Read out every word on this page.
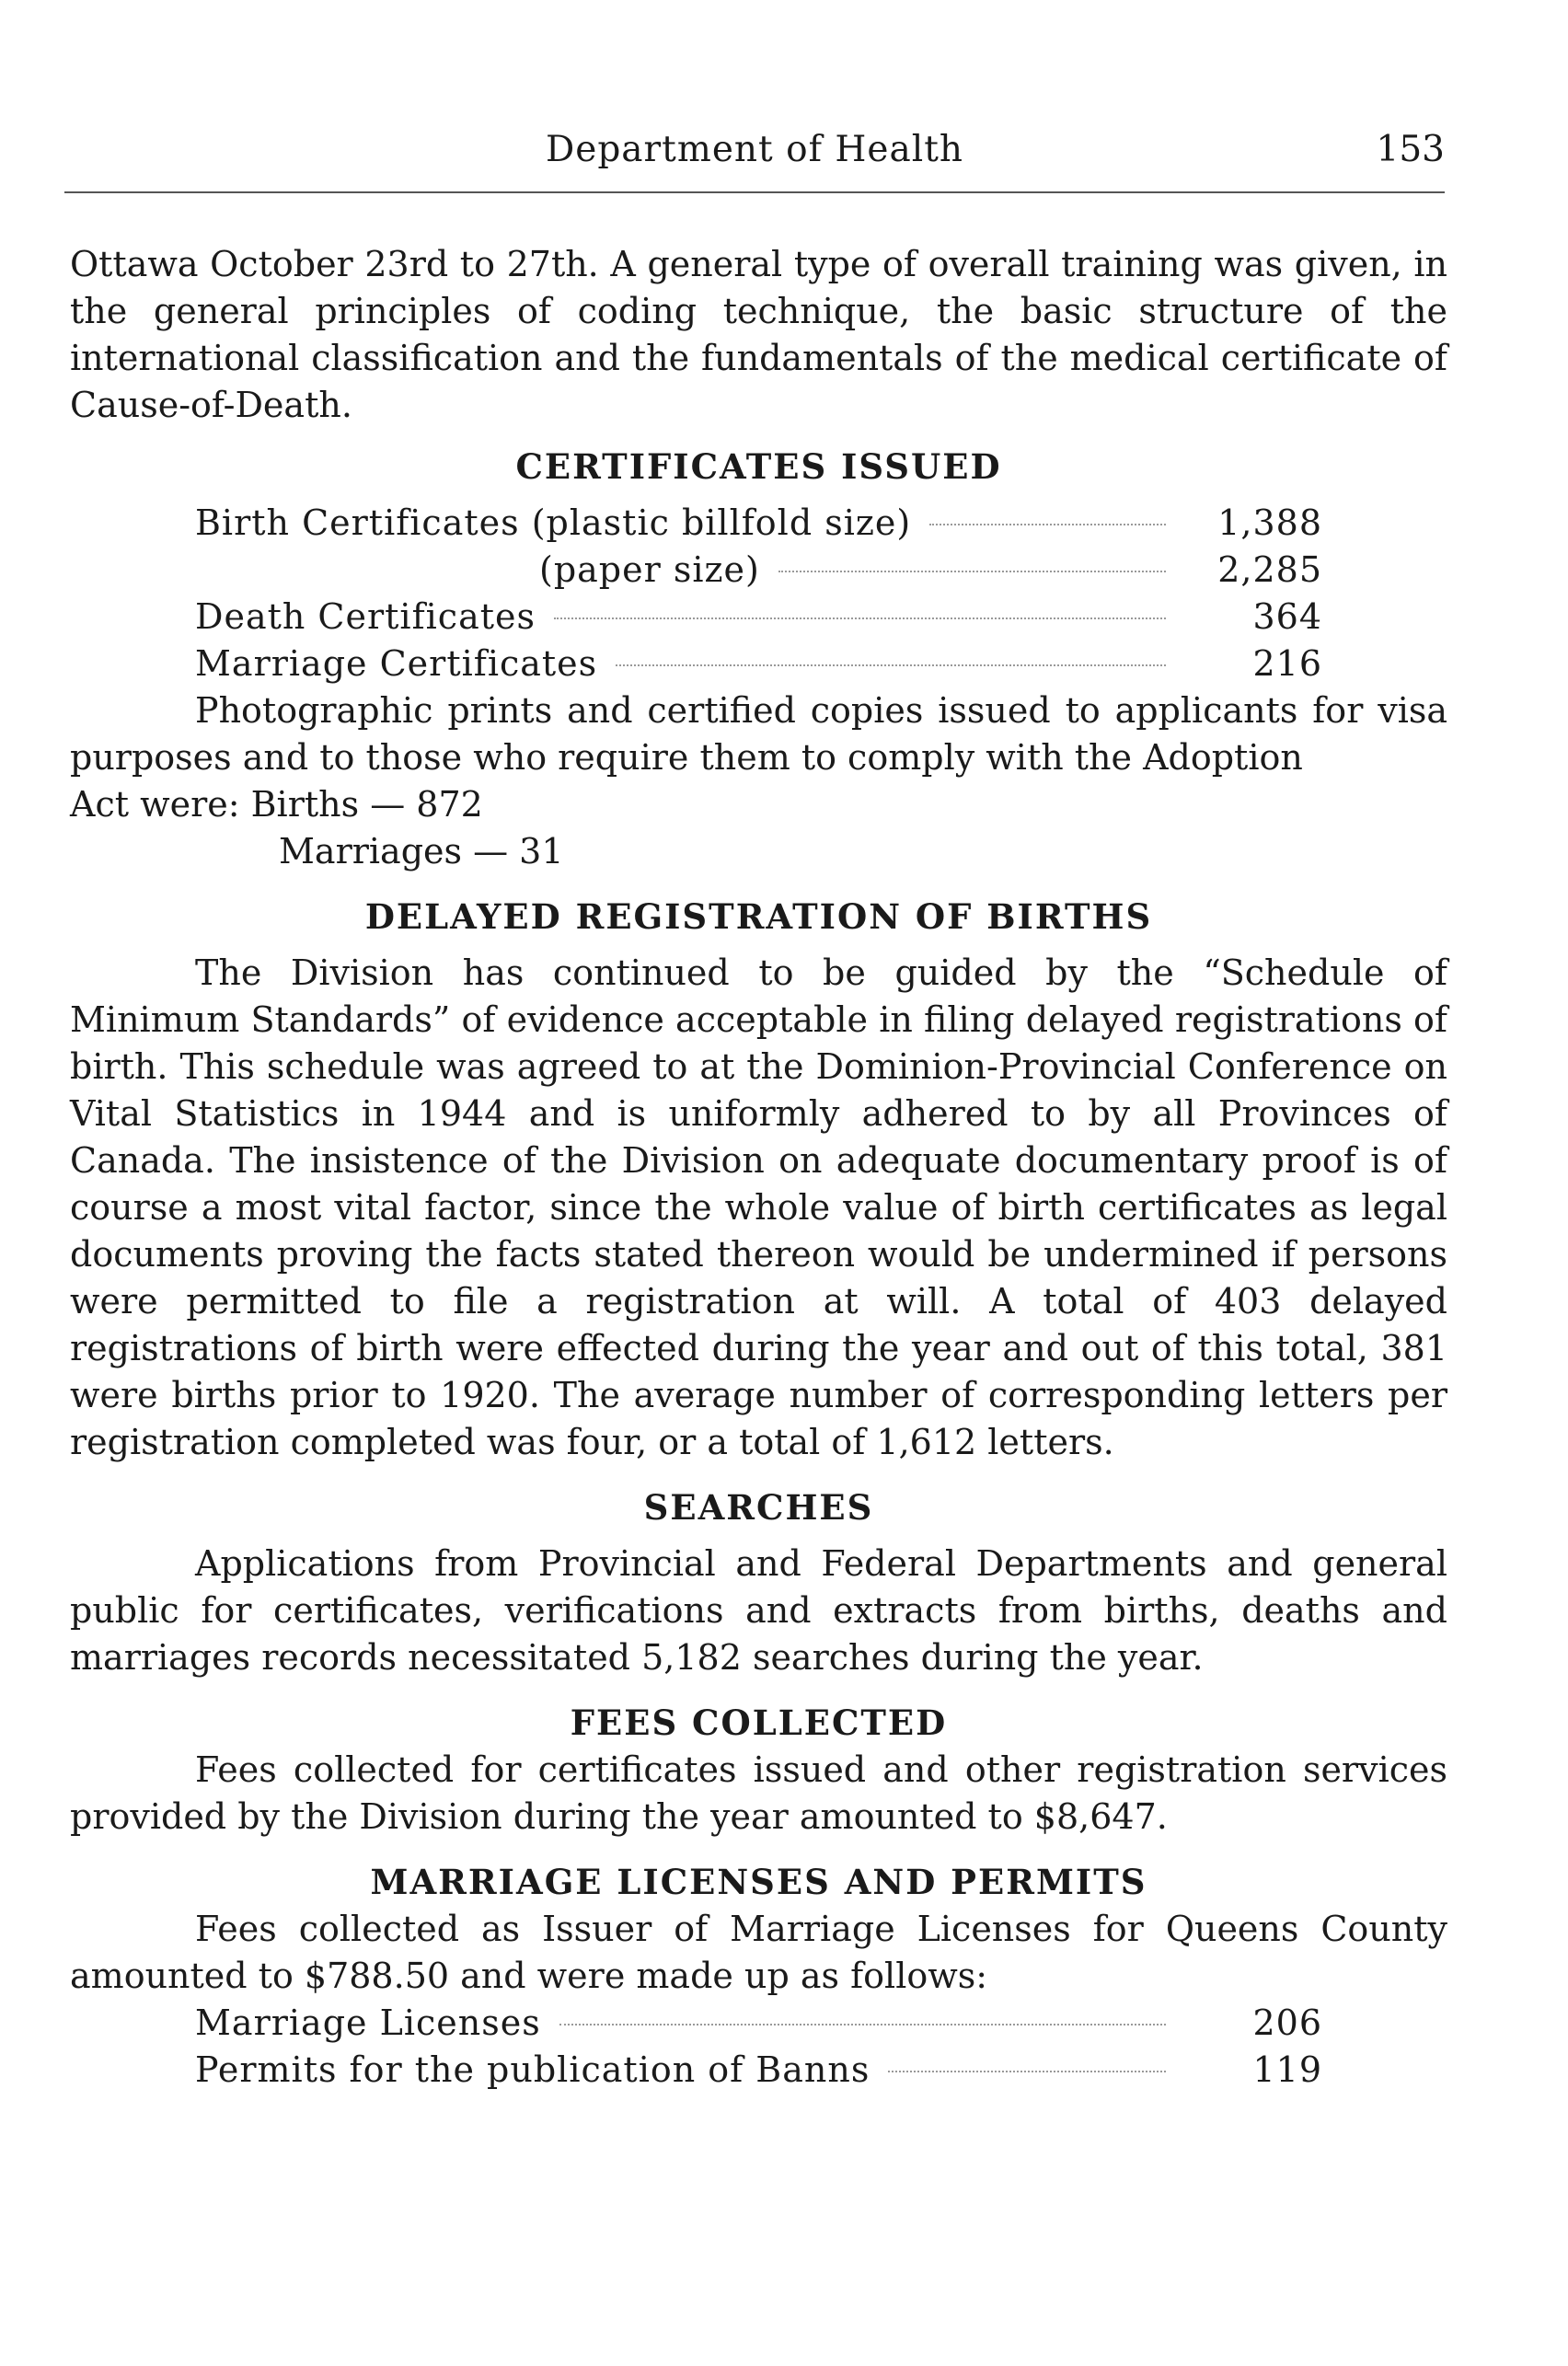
Department of Health	153

Ottawa October 23rd to 27th. A general type of overall training was given, in the general principles of coding technique, the basic structure of the international classification and the fundamentals of the medical certificate of Cause-of-Death.

CERTIFICATES ISSUED
Birth Certificates (plastic billfold size)	1,388
(paper size)	2,285
Death Certificates	364
Marriage Certificates	216

Photographic prints and certified copies issued to applicants for visa purposes and to those who require them to comply with the Adoption

Act were: Births — 872

Marriages — 31

DELAYED REGISTRATION OF BIRTHS

The Division has continued to be guided by the “Schedule of Minimum Standards” of evidence acceptable in filing delayed registrations of birth. This schedule was agreed to at the Dominion-Provincial Conference on Vital Statistics in 1944 and is uniformly adhered to by all Provinces of Canada. The insistence of the Division on adequate documentary proof is of course a most vital factor, since the whole value of birth certificates as legal documents proving the facts stated thereon would be undermined if persons were permitted to file a registration at will. A total of 403 delayed registrations of birth were effected during the year and out of this total, 381 were births prior to 1920. The average number of corresponding letters per registration completed was four, or a total of 1,612 letters.

SEARCHES

Applications from Provincial and Federal Departments and general public for certificates, verifications and extracts from births, deaths and marriages records necessitated 5,182 searches during the year.

FEES COLLECTED

Fees collected for certificates issued and other registration services provided by the Division during the year amounted to $8,647.

MARRIAGE LICENSES AND PERMITS

Fees collected as Issuer of Marriage Licenses for Queens County amounted to $788.50 and were made up as follows:

Marriage Licenses	206
Permits for the publication of Banns	119
